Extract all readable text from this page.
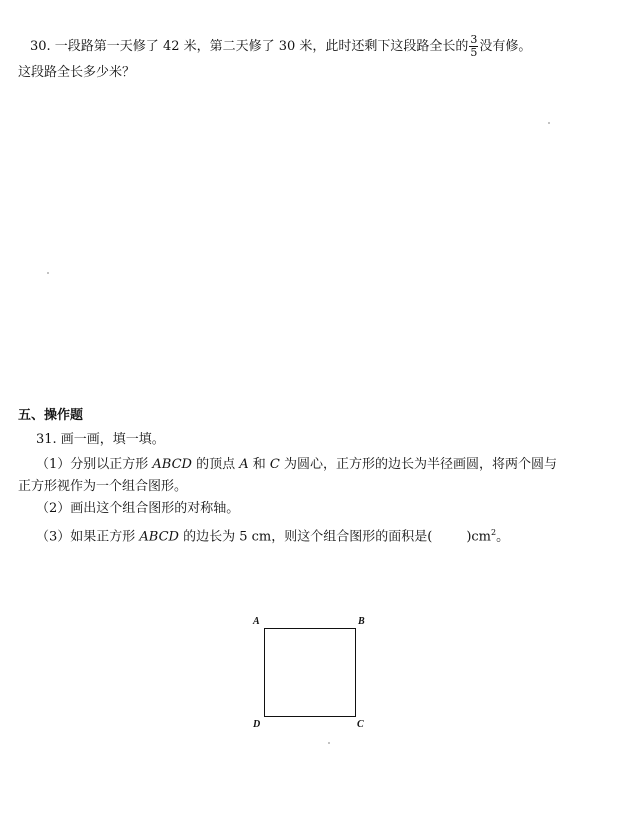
30. 一段路第一天修了 42 米，第二天修了 30 米，此时还剩下这段路全长的 $\frac{3}{5}$ 没有修。
这段路全长多少米？
五、操作题
31. 画一画，填一填。
（1）分别以正方形 ABCD 的顶点 A 和 C 为圆心，正方形的边长为半径画圆，将两个圆与
正方形视作为一个组合图形。
（2）画出这个组合图形的对称轴。
（3）如果正方形 ABCD 的边长为 5 cm，则这个组合图形的面积是(	)$cm^2$。
A	B
D	C
